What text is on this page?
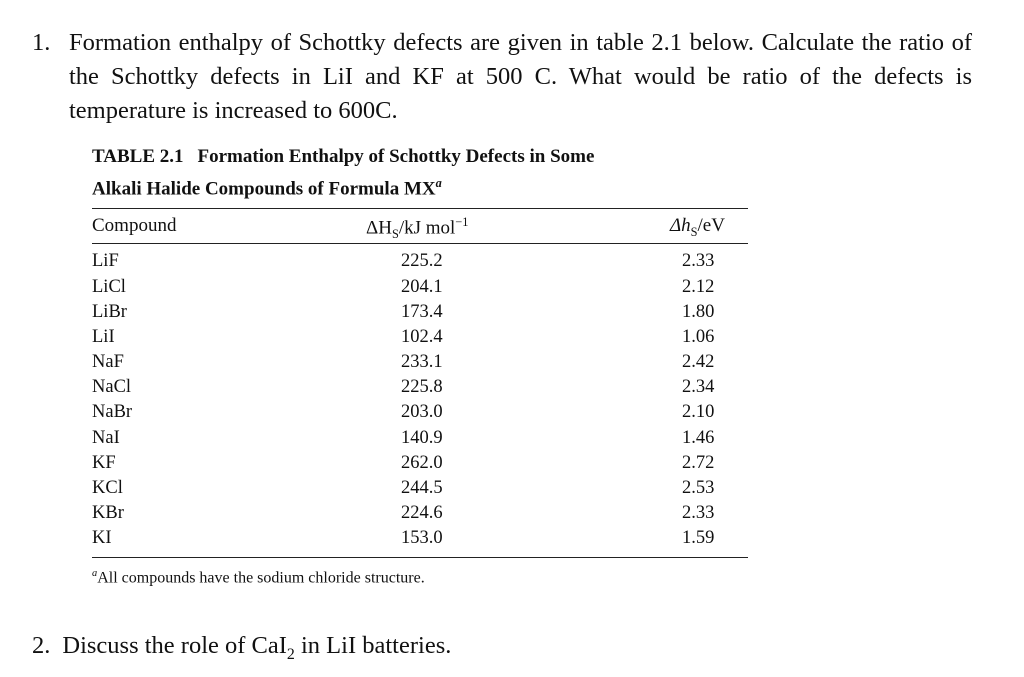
1. Formation enthalpy of Schottky defects are given in table 2.1 below. Calculate the ratio of the Schottky defects in LiI and KF at 500 C. What would be ratio of the defects is temperature is increased to 600C.
TABLE 2.1 Formation Enthalpy of Schottky Defects in Some
Alkali Halide Compounds of Formula $MX^a$
Compound	$\Delta H_S/kJ$ mol$^{-1}$	$\Delta h_S/eV$
LiF	225.2	2.33
LiCl	204.1	2.12
LiBr	173.4	1.80
LiI	102.4	1.06
NaF	233.1	2.42
NaCl	225.8	2.34
NaBr	203.0	2.10
NaI	140.9	1.46
KF	262.0	2.72
KCl	244.5	2.53
KBr	224.6	2.33
KI	153.0	1.59
$^a$All compounds have the sodium chloride structure.
2. Discuss the role of CaI$_2$ in LiI batteries.
